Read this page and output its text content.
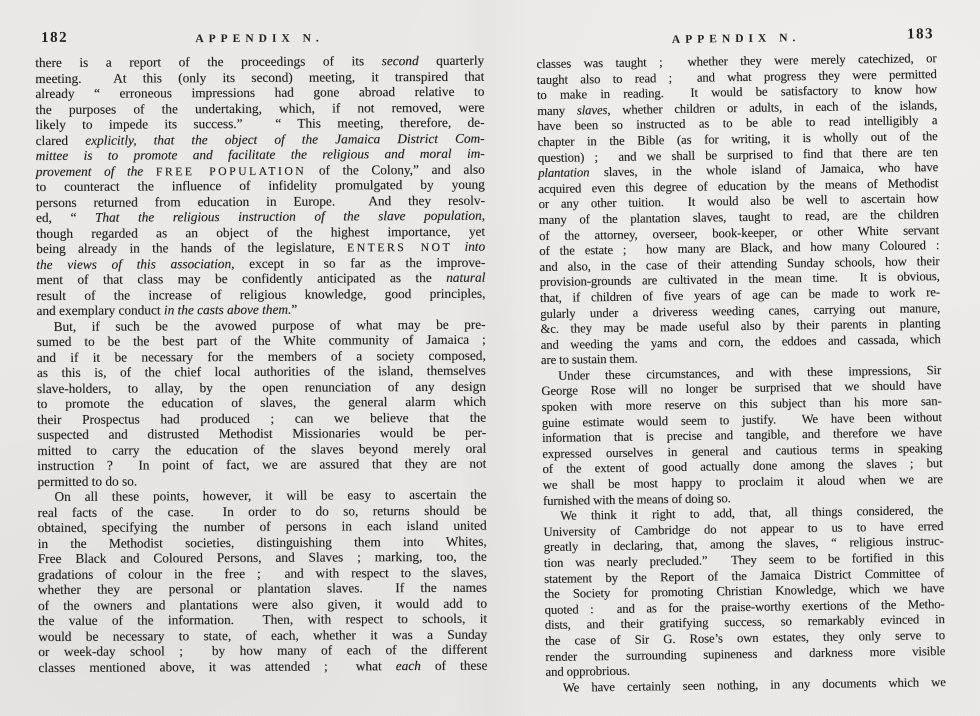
182	APPENDIX N.
there is a report of the proceedings of its second quarterly
meeting.  At this (only its second) meeting, it transpired that
already “ erroneous impressions had gone abroad relative to
the purposes of the undertaking, which, if not removed, were
likely to impede its success.”  “ This meeting, therefore, de-
clared explicitly, that the object of the Jamaica District Com-
mittee is to promote and facilitate the religious and moral im-
provement of the FREE POPULATION of the Colony,” and also
to counteract the influence of infidelity promulgated by young
persons returned from education in Europe.  And they resolv-
ed, “ That the religious instruction of the slave population,
though regarded as an object of the highest importance, yet
being already in the hands of the legislature, ENTERS NOT into
the views of this association, except in so far as the improve-
ment of that class may be confidently anticipated as the natural
result of the increase of religious knowledge, good principles,
and exemplary conduct in the casts above them.”
But, if such be the avowed purpose of what may be pre-
sumed to be the best part of the White community of Jamaica ;
and if it be necessary for the members of a society composed,
as this is, of the chief local authorities of the island, themselves
slave-holders, to allay, by the open renunciation of any design
to promote the education of slaves, the general alarm which
their Prospectus had produced ; can we believe that the
suspected and distrusted Methodist Missionaries would be per-
mitted to carry the education of the slaves beyond merely oral
instruction ?  In point of fact, we are assured that they are not
permitted to do so.
On all these points, however, it will be easy to ascertain the
real facts of the case.  In order to do so, returns should be
obtained, specifying the number of persons in each island united
in the Methodist societies, distinguishing them into Whites,
Free Black and Coloured Persons, and Slaves ; marking, too, the
gradations of colour in the free ;  and with respect to the slaves,
whether they are personal or plantation slaves.  If the names
of the owners and plantations were also given, it would add to
the value of the information.  Then, with respect to schools, it
would be necessary to state, of each, whether it was a Sunday
or week-day school ;  by how many of each of the different
classes mentioned above, it was attended ;  what each of these
APPENDIX N.	183
classes was taught ;  whether they were merely catechized, or
taught also to read ;  and what progress they were permitted
to make in reading.  It would be satisfactory to know how
many slaves, whether children or adults, in each of the islands,
have been so instructed as to be able to read intelligibly a
chapter in the Bible (as for writing, it is wholly out of the
question) ;  and we shall be surprised to find that there are ten
plantation slaves, in the whole island of Jamaica, who have
acquired even this degree of education by the means of Methodist
or any other tuition.  It would also be well to ascertain how
many of the plantation slaves, taught to read, are the children
of the attorney, overseer, book-keeper, or other White servant
of the estate ;  how many are Black, and how many Coloured :
and also, in the case of their attending Sunday schools, how their
provision-grounds are cultivated in the mean time.  It is obvious,
that, if children of five years of age can be made to work re-
gularly under a driveress weeding canes, carrying out manure,
&c. they may be made useful also by their parents in planting
and weeding the yams and corn, the eddoes and cassada, which
are to sustain them.
Under these circumstances, and with these impressions, Sir
George Rose will no longer be surprised that we should have
spoken with more reserve on this subject than his more san-
guine estimate would seem to justify.  We have been without
information that is precise and tangible, and therefore we have
expressed ourselves in general and cautious terms in speaking
of the extent of good actually done among the slaves ; but
we shall be most happy to proclaim it aloud when we are
furnished with the means of doing so.
We think it right to add, that, all things considered, the
University of Cambridge do not appear to us to have erred
greatly in declaring, that, among the slaves, “ religious instruc-
tion was nearly precluded.”  They seem to be fortified in this
statement by the Report of the Jamaica District Committee of
the Society for promoting Christian Knowledge, which we have
quoted :  and as for the praise-worthy exertions of the Metho-
dists, and their gratifying success, so remarkably evinced in
the case of Sir G. Rose’s own estates, they only serve to
render the surrounding supineness and darkness more visible
and opprobrious.
We have certainly seen nothing, in any documents which we
